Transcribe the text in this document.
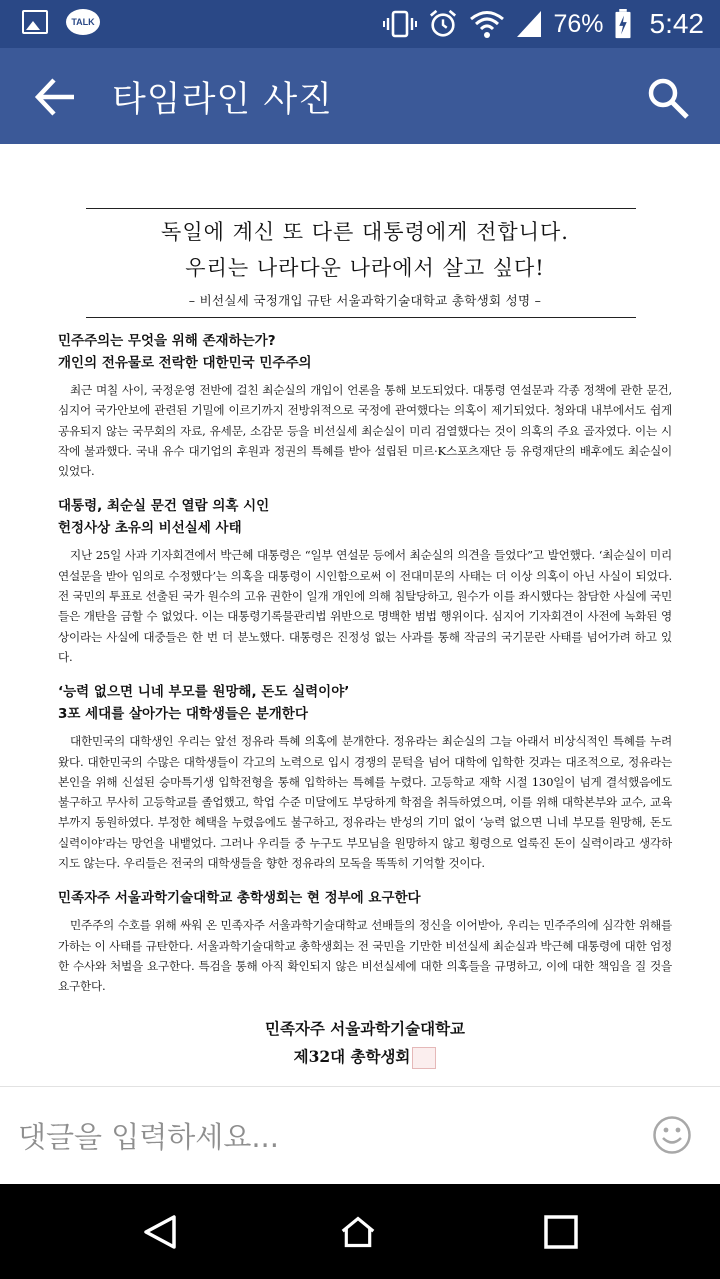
TALK	76% 5:42
타임라인 사진
독일에 계신 또 다른 대통령에게 전합니다.
우리는 나라다운 나라에서 살고 싶다!
– 비선실세 국정개입 규탄 서울과학기술대학교 총학생회 성명 –
민주주의는 무엇을 위해 존재하는가?
개인의 전유물로 전락한 대한민국 민주주의

최근 며칠 사이, 국정운영 전반에 걸친 최순실의 개입이 언론을 통해 보도되었다. 대통령 연설문과 각종 정책에 관한 문건, 심지어 국가안보에 관련된 기밀에 이르기까지 전방위적으로 국정에 관여했다는 의혹이 제기되었다. 청와대 내부에서도 쉽게 공유되지 않는 국무회의 자료, 유세문, 소감문 등을 비선실세 최순실이 미리 검열했다는 것이 의혹의 주요 골자였다. 이는 시작에 불과했다. 국내 유수 대기업의 후원과 정권의 특혜를 받아 설립된 미르·K스포츠재단 등 유령재단의 배후에도 최순실이 있었다.

대통령, 최순실 문건 열람 의혹 시인
헌정사상 초유의 비선실세 사태

지난 25일 사과 기자회견에서 박근혜 대통령은 “일부 연설문 등에서 최순실의 의견을 들었다”고 발언했다. ‘최순실이 미리 연설문을 받아 임의로 수정했다’는 의혹을 대통령이 시인함으로써 이 전대미문의 사태는 더 이상 의혹이 아닌 사실이 되었다. 전 국민의 투표로 선출된 국가 원수의 고유 권한이 일개 개인에 의해 침탈당하고, 원수가 이를 좌시했다는 참담한 사실에 국민들은 개탄을 금할 수 없었다. 이는 대통령기록물관리법 위반으로 명백한 범법 행위이다. 심지어 기자회견이 사전에 녹화된 영상이라는 사실에 대중들은 한 번 더 분노했다. 대통령은 진정성 없는 사과를 통해 작금의 국기문란 사태를 넘어가려 하고 있다.

‘능력 없으면 니네 부모를 원망해, 돈도 실력이야’
3포 세대를 살아가는 대학생들은 분개한다

대한민국의 대학생인 우리는 앞선 정유라 특혜 의혹에 분개한다. 정유라는 최순실의 그늘 아래서 비상식적인 특혜를 누려 왔다. 대한민국의 수많은 대학생들이 각고의 노력으로 입시 경쟁의 문턱을 넘어 대학에 입학한 것과는 대조적으로, 정유라는 본인을 위해 신설된 승마특기생 입학전형을 통해 입학하는 특혜를 누렸다. 고등학교 재학 시절 130일이 넘게 결석했음에도 불구하고 무사히 고등학교를 졸업했고, 학업 수준 미달에도 부당하게 학점을 취득하였으며, 이를 위해 대학본부와 교수, 교육부까지 동원하였다. 부정한 혜택을 누렸음에도 불구하고, 정유라는 반성의 기미 없이 ‘능력 없으면 니네 부모를 원망해, 돈도 실력이야’라는 망언을 내뱉었다. 그러나 우리들 중 누구도 부모님을 원망하지 않고 횡령으로 얼룩진 돈이 실력이라고 생각하지도 않는다. 우리들은 전국의 대학생들을 향한 정유라의 모독을 똑똑히 기억할 것이다.

민족자주 서울과학기술대학교 총학생회는 현 정부에 요구한다

민주주의 수호를 위해 싸워 온 민족자주 서울과학기술대학교 선배들의 정신을 이어받아, 우리는 민주주의에 심각한 위해를 가하는 이 사태를 규탄한다. 서울과학기술대학교 총학생회는 전 국민을 기만한 비선실세 최순실과 박근혜 대통령에 대한 엄정한 수사와 처벌을 요구한다. 특검을 통해 아직 확인되지 않은 비선실세에 대한 의혹들을 규명하고, 이에 대한 책임을 질 것을 요구한다.

민족자주 서울과학기술대학교
제32대 총학생회
댓글을 입력하세요...
